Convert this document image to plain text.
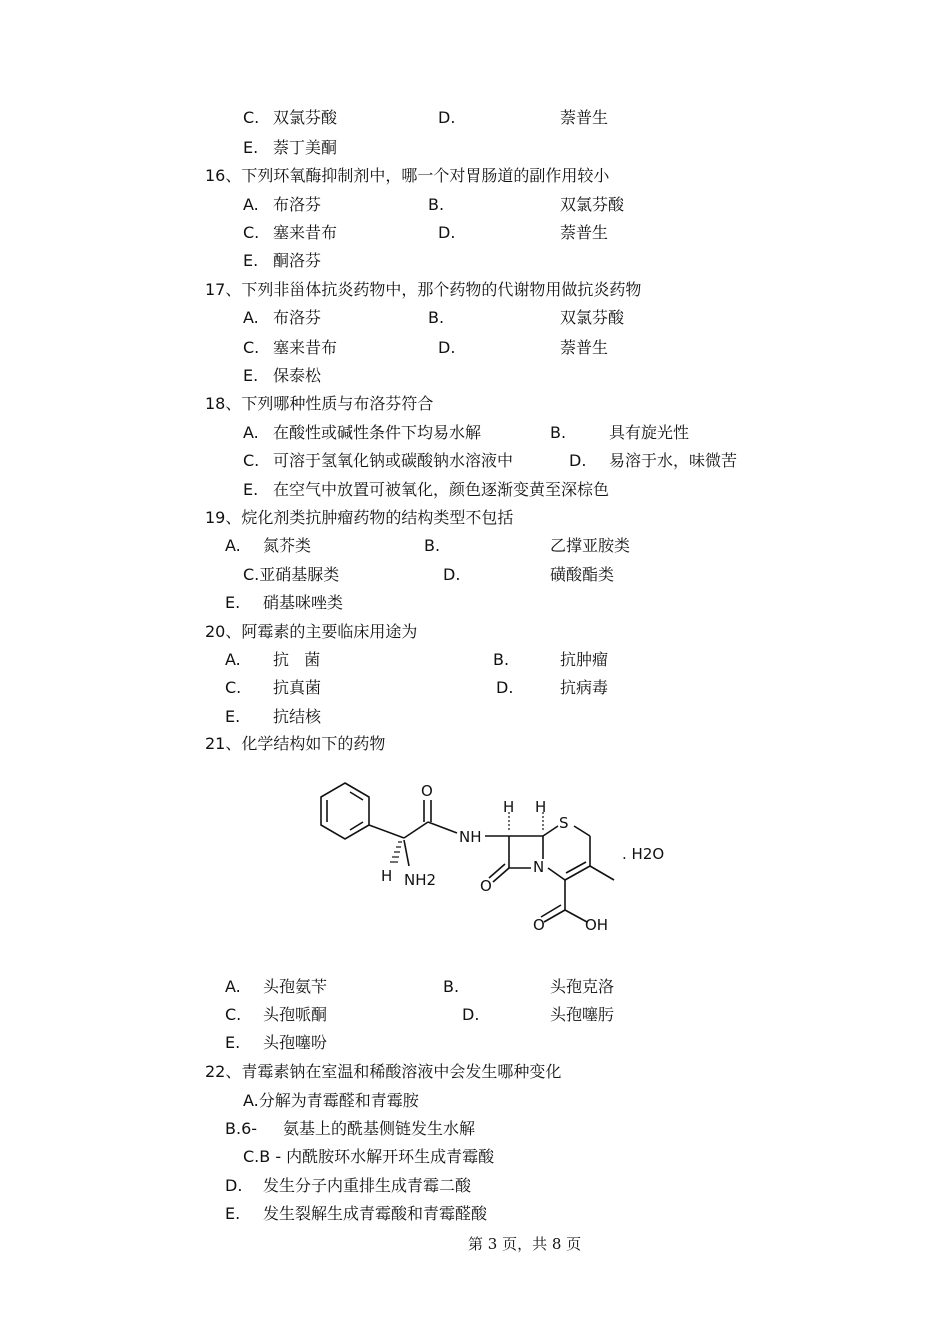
C. 双氯芬酸	D.	萘普生
E. 萘丁美酮
16、下列环氧酶抑制剂中，哪一个对胃肠道的副作用较小
A. 布洛芬	B.	双氯芬酸
C. 塞来昔布	D.	萘普生
E. 酮洛芬
17、下列非甾体抗炎药物中，那个药物的代谢物用做抗炎药物
A. 布洛芬	B.	双氯芬酸
C. 塞来昔布	D.	萘普生
E. 保泰松
18、下列哪种性质与布洛芬符合
A. 在酸性或碱性条件下均易水解	B.	具有旋光性
C. 可溶于氢氧化钠或碳酸钠水溶液中	D. 易溶于水，味微苦
E. 在空气中放置可被氧化，颜色逐渐变黄至深棕色
19、烷化剂类抗肿瘤药物的结构类型不包括
A. 氮芥类	B.	乙撑亚胺类
C.亚硝基脲类	D.	磺酸酯类
E. 硝基咪唑类
20、阿霉素的主要临床用途为
A. 抗   菌	B.	抗肿瘤
C. 抗真菌	D.	抗病毒
E. 抗结核
21、化学结构如下的药物
O
NH
H H
S
N
. H2O
H NH2	O
O	OH
A. 头孢氨苄	B.	头孢克洛
C. 头孢哌酮	D.	头孢噻肟
E. 头孢噻吩
22、青霉素钠在室温和稀酸溶液中会发生哪种变化
A.分解为青霉醛和青霉胺
B.6- 氨基上的酰基侧链发生水解
C.Β - 内酰胺环水解开环生成青霉酸
D. 发生分子内重排生成青霉二酸
E. 发生裂解生成青霉酸和青霉醛酸
第 3 页，共 8 页
